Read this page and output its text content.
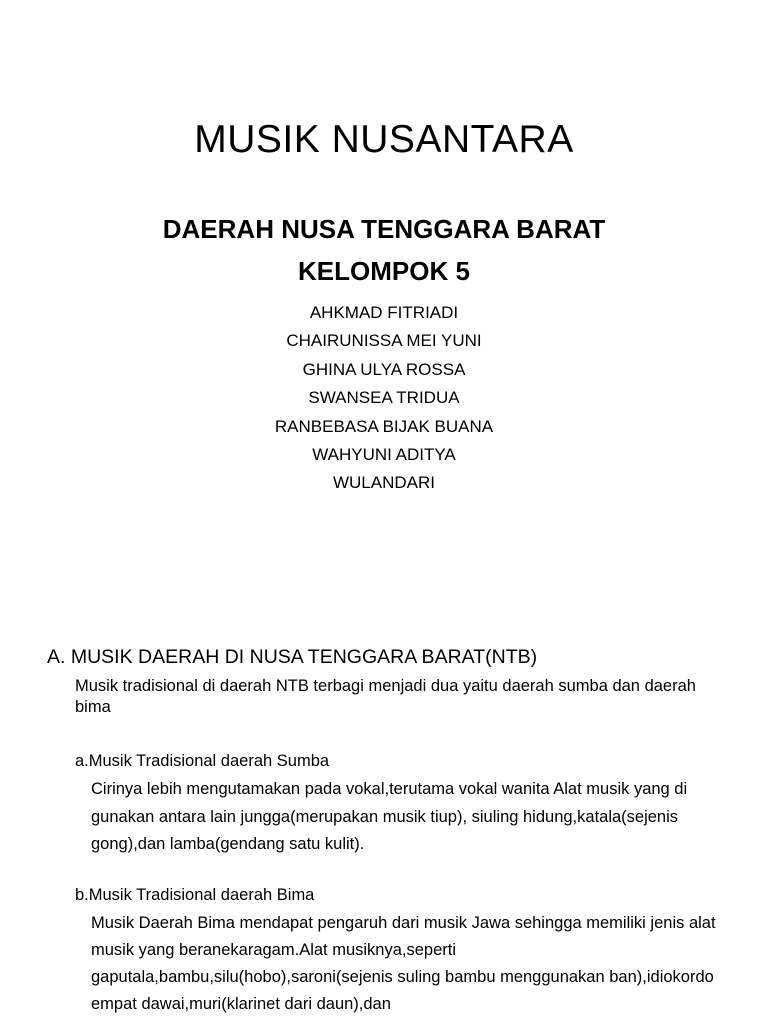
MUSIK NUSANTARA
DAERAH NUSA TENGGARA BARAT
KELOMPOK 5
AHKMAD FITRIADI
CHAIRUNISSA MEI YUNI
GHINA ULYA ROSSA
SWANSEA TRIDUA
RANBEBASA BIJAK BUANA
WAHYUNI ADITYA
WULANDARI
A. MUSIK DAERAH DI NUSA TENGGARA BARAT(NTB)

Musik tradisional di daerah NTB terbagi menjadi dua yaitu daerah sumba dan daerah bima

a.Musik Tradisional daerah Sumba

Cirinya lebih mengutamakan pada vokal,terutama vokal wanita Alat musik yang di gunakan antara lain jungga(merupakan musik tiup), siuling hidung,katala(sejenis gong),dan lamba(gendang satu kulit).

b.Musik Tradisional daerah Bima

Musik Daerah Bima mendapat pengaruh dari musik Jawa sehingga memiliki jenis alat musik yang beranekaragam.Alat musiknya,seperti gaputala,bambu,silu(hobo),saroni(sejenis suling bambu menggunakan ban),idiokordo empat dawai,muri(klarinet dari daun),dan
